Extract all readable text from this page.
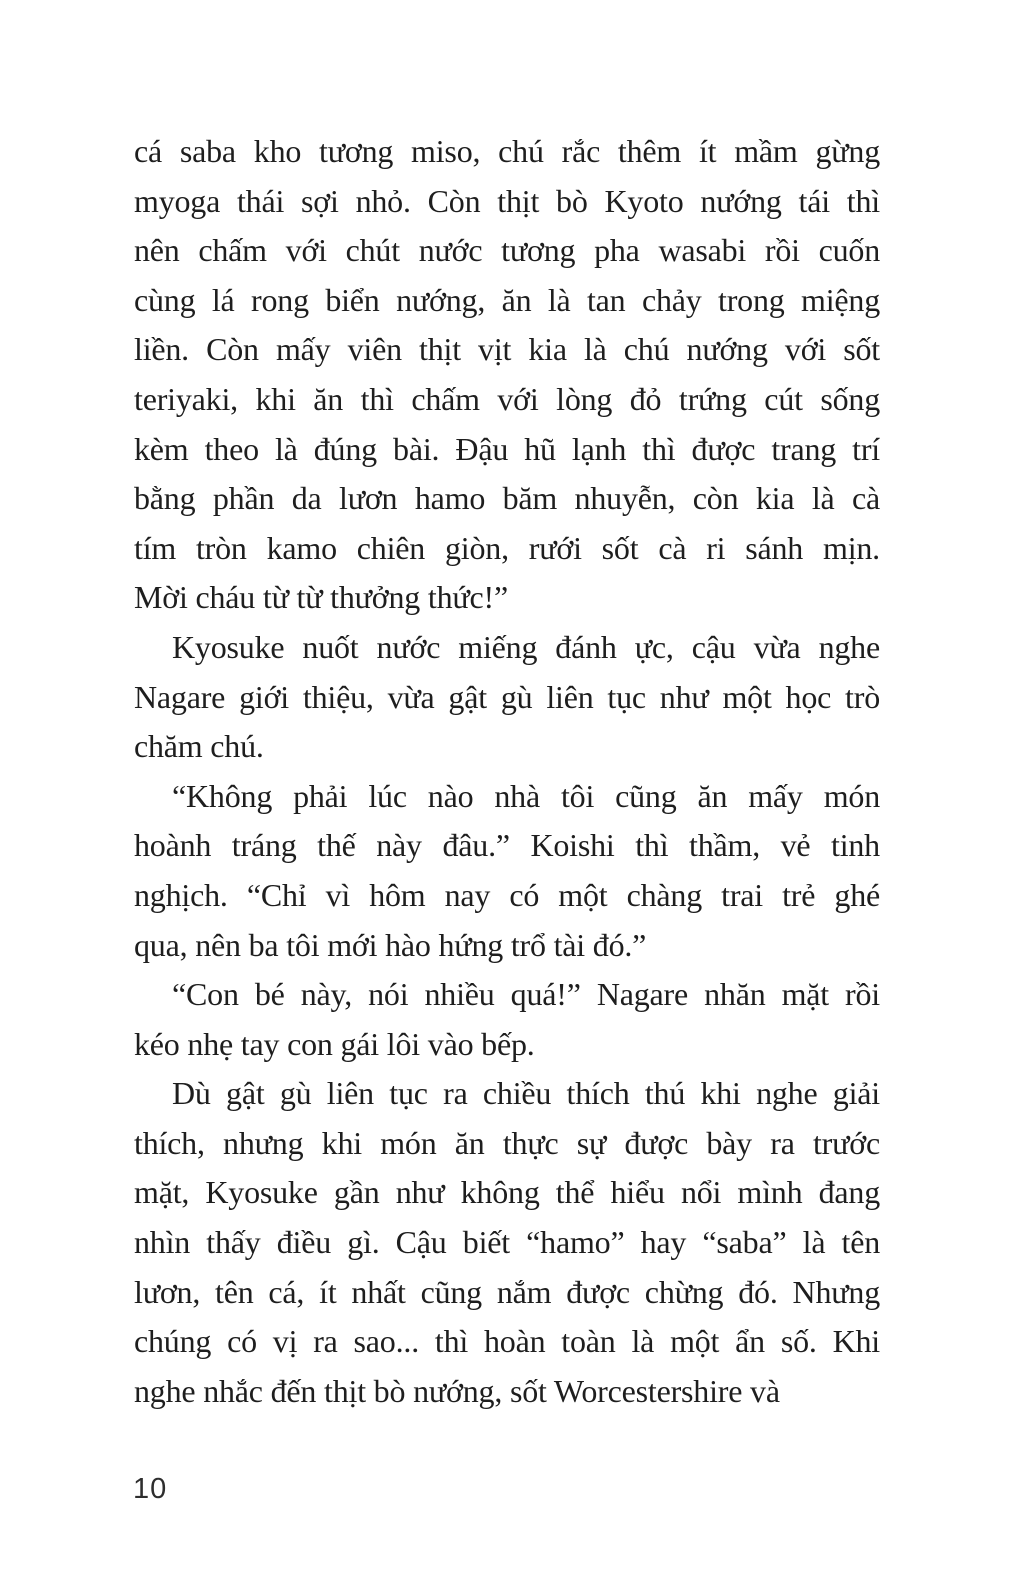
cá saba kho tương miso, chú rắc thêm ít mầm gừng
myoga thái sợi nhỏ. Còn thịt bò Kyoto nướng tái thì
nên chấm với chút nước tương pha wasabi rồi cuốn
cùng lá rong biển nướng, ăn là tan chảy trong miệng
liền. Còn mấy viên thịt vịt kia là chú nướng với sốt
teriyaki, khi ăn thì chấm với lòng đỏ trứng cút sống
kèm theo là đúng bài. Đậu hũ lạnh thì được trang trí
bằng phần da lươn hamo băm nhuyễn, còn kia là cà
tím tròn kamo chiên giòn, rưới sốt cà ri sánh mịn.
Mời cháu từ từ thưởng thức!”
Kyosuke nuốt nước miếng đánh ực, cậu vừa nghe
Nagare giới thiệu, vừa gật gù liên tục như một học trò
chăm chú.
“Không phải lúc nào nhà tôi cũng ăn mấy món
hoành tráng thế này đâu.” Koishi thì thầm, vẻ tinh
nghịch. “Chỉ vì hôm nay có một chàng trai trẻ ghé
qua, nên ba tôi mới hào hứng trổ tài đó.”
“Con bé này, nói nhiều quá!” Nagare nhăn mặt rồi
kéo nhẹ tay con gái lôi vào bếp.
Dù gật gù liên tục ra chiều thích thú khi nghe giải
thích, nhưng khi món ăn thực sự được bày ra trước
mặt, Kyosuke gần như không thể hiểu nổi mình đang
nhìn thấy điều gì. Cậu biết “hamo” hay “saba” là tên
lươn, tên cá, ít nhất cũng nắm được chừng đó. Nhưng
chúng có vị ra sao... thì hoàn toàn là một ẩn số. Khi
nghe nhắc đến thịt bò nướng, sốt Worcestershire và
10
